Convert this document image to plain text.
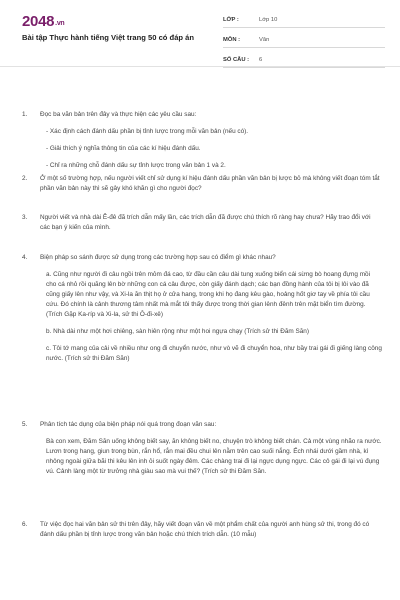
2048.vn
Bài tập Thực hành tiếng Việt trang 50 có đáp án
LỚP :	Lớp 10
MÔN :	Văn
SỐ CÂU :	6
1.	Đọc ba văn bản trên đây và thực hiện các yêu cầu sau:

- Xác định cách đánh dấu phần bị tỉnh lược trong mỗi văn bản (nếu có).

- Giải thích ý nghĩa thông tin của các kí hiệu đánh dấu.

- Chỉ ra những chỗ đánh dấu sự tỉnh lược trong văn bản 1 và 2.

2.	Ở một số trường hợp, nếu người viết chỉ sử dụng kí hiệu đánh dấu phần văn bản bị lược bỏ mà không viết đoạn tóm tắt phần văn bản này thì sẽ gây khó khăn gì cho người đọc?
3.	Người viết và nhà dài Ê-đê đã trích dẫn mấy lần, các trích dẫn đã được chú thích rõ ràng hay chưa? Hãy trao đổi với các bạn ý kiến của mình.
4.	Biện pháp so sánh được sử dụng trong các trường hợp sau có điểm gì khác nhau?

a. Cũng như người đi câu ngồi trên mỏm đá cao, từ đầu cần câu dài tung xuống biển cái sừng bò hoang đựng mồi cho cá nhỏ rồi quăng lên bờ những con cá câu được, còn giấy đánh dạch; các bạn đồng hành của tôi bị lôi vào đã cũng giấy lên như vậy, và Xi-la ăn thịt họ ở cửa hang, trong khi họ đang kêu gào, hoảng hốt giơ tay về phía tôi cầu cứu. Đó chính là cảnh thương tâm nhất mà mắt tôi thấy được trong thời gian lênh đênh trên mặt biển tìm đường. (Trích Gặp Ka-ríp và Xi-la, sử thi Ô-đi-xê)

b. Nhà dài như một hơi chiêng, sàn hiên rộng như một hoi ngựa chạy (Trích sử thi Đăm Săn)

c. Tôi tớ mang của cải về nhiều như ong đi chuyển nước, như vò vẽ đi chuyển hoa, như bầy trai gái đi giếng làng công nước. (Trích sử thi Đăm Săn)

5.	Phân tích tác dụng của biện pháp nói quá trong đoạn văn sau:

Bà con xem, Đăm Săn uống không biết say, ăn không biết no, chuyện trò không biết chán. Cả một vùng nhão ra nước. Lươn trong hang, giun trong bùn, rắn hổ, rắn mai đều chui lên nằm trên cao suối nắng. Ếch nhái dưới gầm nhà, kì nhông ngoài giữa bãi thi kêu lên inh ỏi suốt ngày đêm. Các chàng trai đi lại ngực dụng ngực. Các cô gái đi lại vú đụng vú. Cảnh làng một từ trưởng nhà giàu sao mà vui thế? (Trích sử thi Đăm Săn.

6.	Từ việc đọc hai văn bản sử thi trên đây, hãy viết đoạn văn về một phẩm chất của người anh hùng sử thi, trong đó có đánh dấu phần bị tỉnh lược trong văn bản hoặc chú thích trích dẫn. (10 mẫu)
